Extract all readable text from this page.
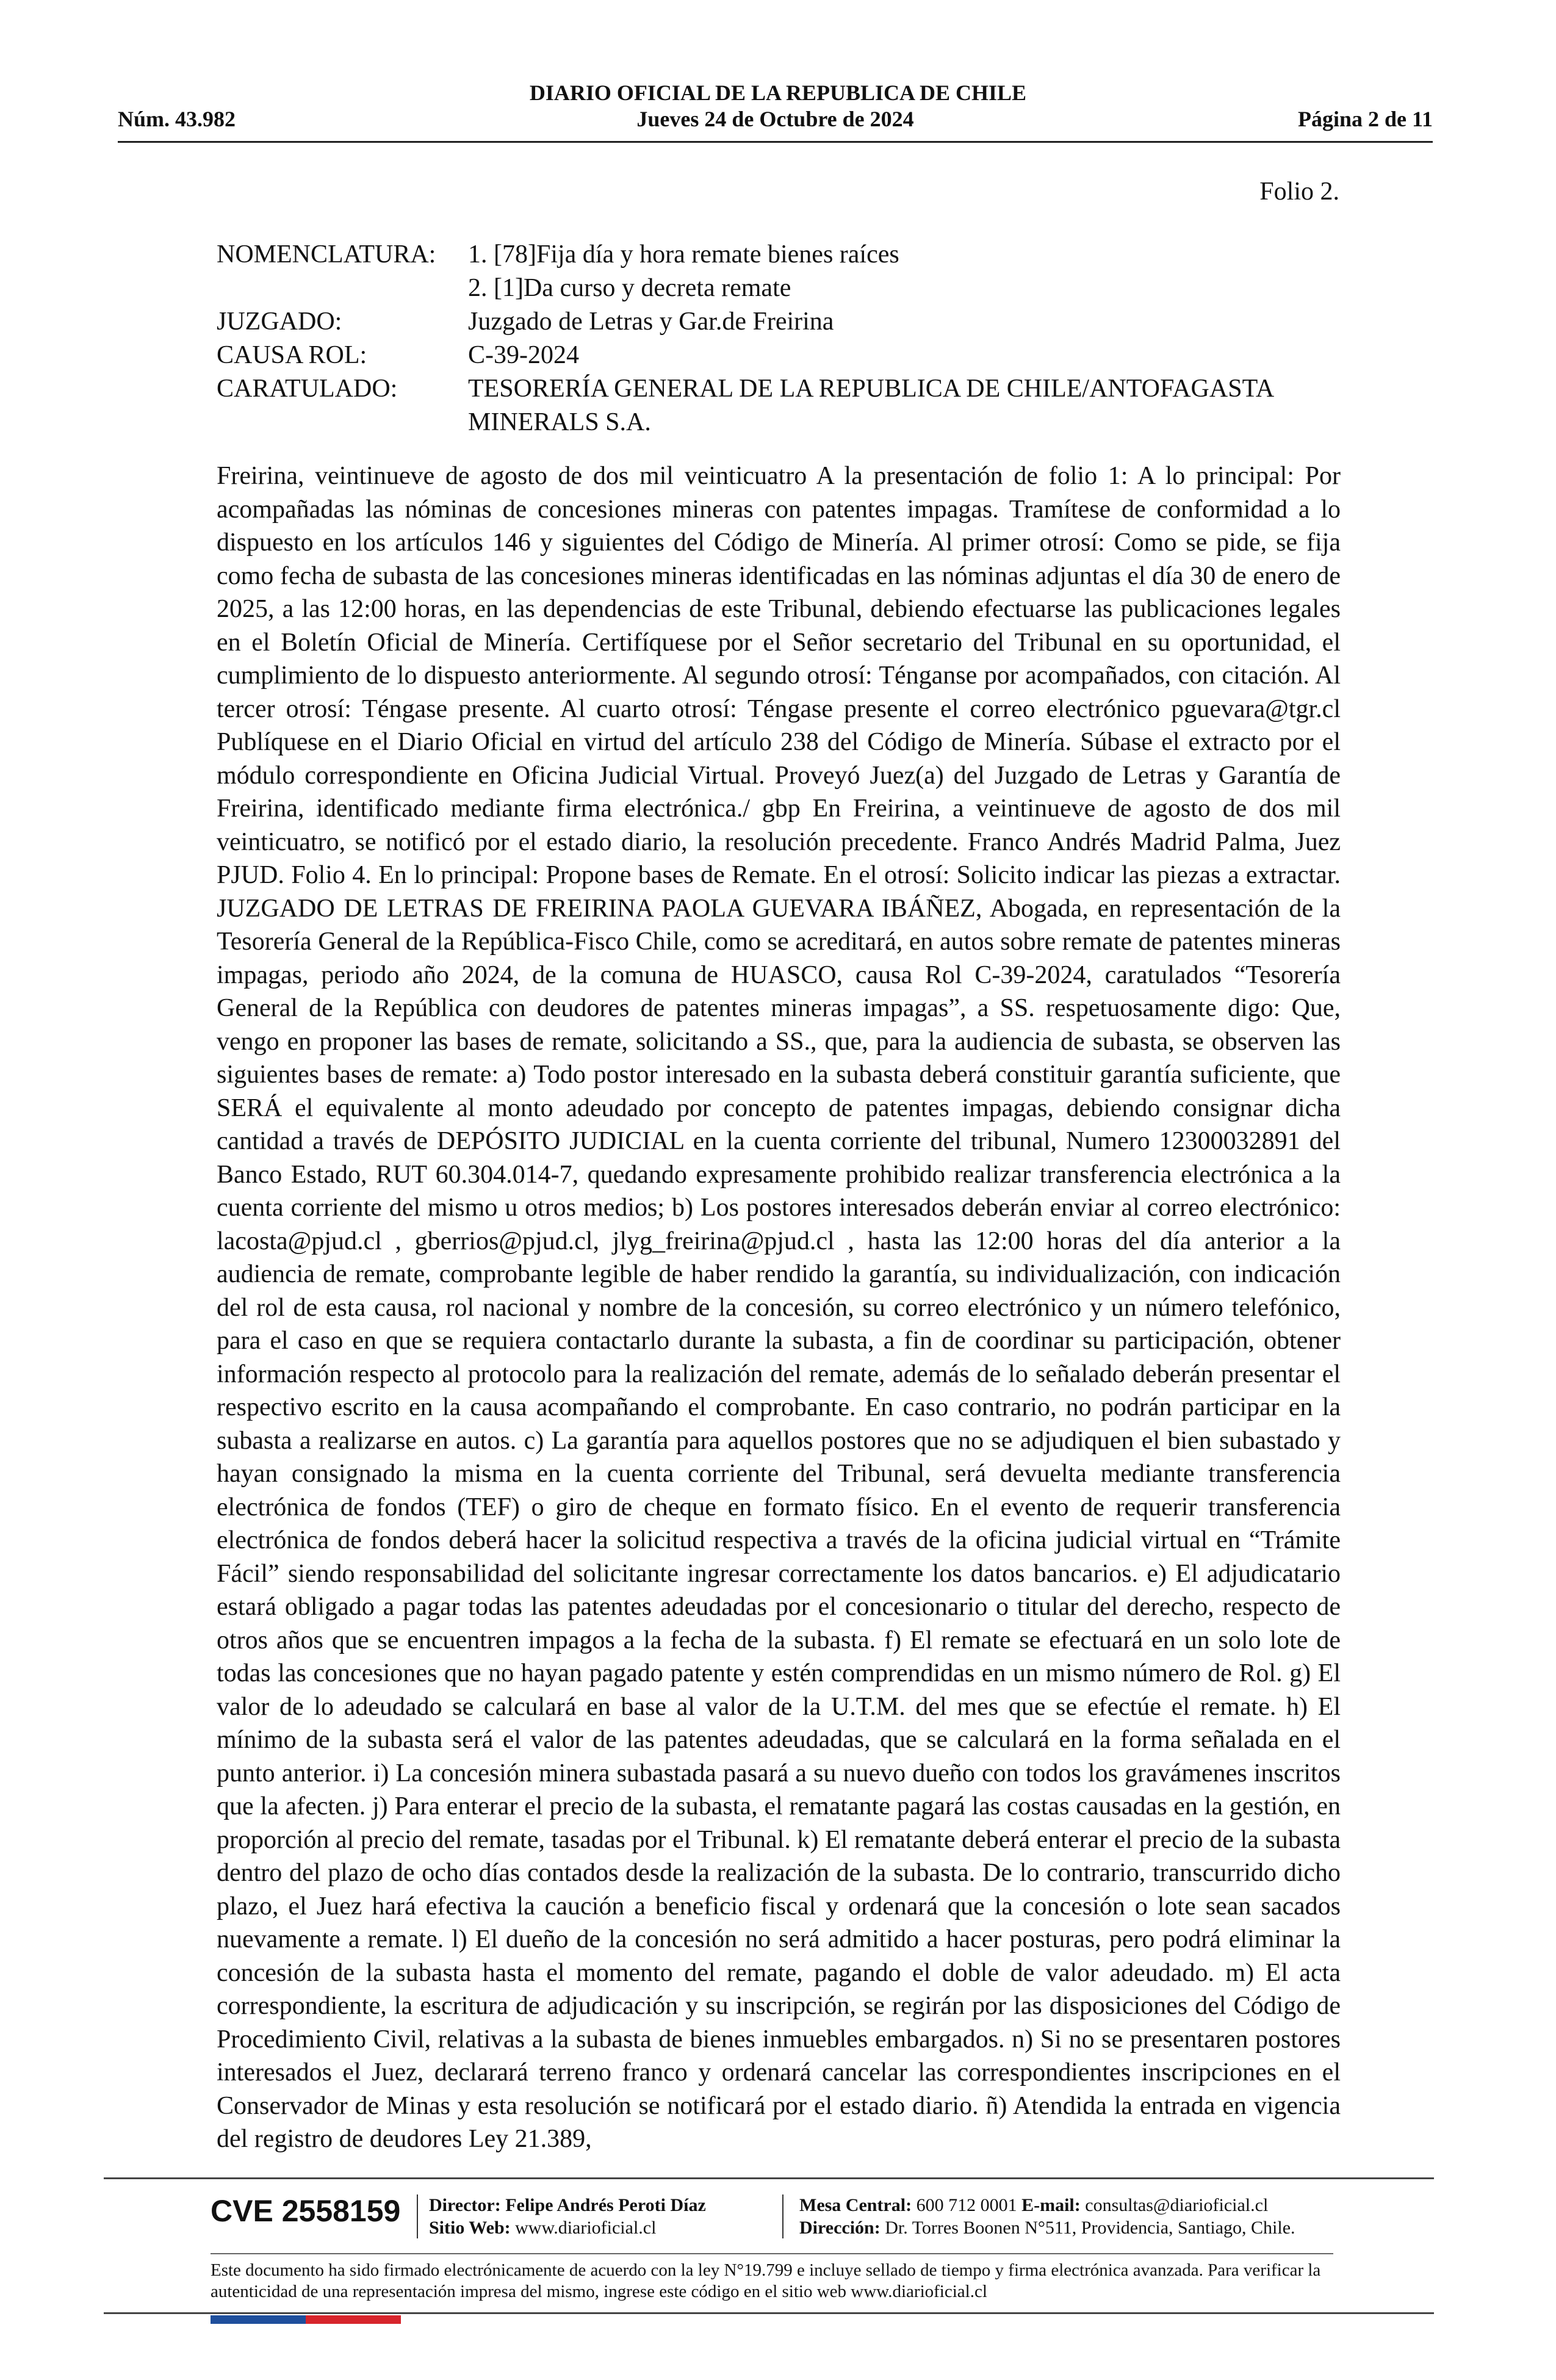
DIARIO OFICIAL DE LA REPUBLICA DE CHILE
Núm. 43.982	Jueves 24 de Octubre de 2024	Página 2 de 11
Folio 2.
NOMENCLATURA:	1. [78]Fija día y hora remate bienes raíces
2. [1]Da curso y decreta remate
JUZGADO:	Juzgado de Letras y Gar.de Freirina
CAUSA ROL:	C-39-2024
CARATULADO:	TESORERÍA GENERAL DE LA REPUBLICA DE CHILE/ANTOFAGASTA MINERALS S.A.

Freirina, veintinueve de agosto de dos mil veinticuatro A la presentación de folio 1: A lo principal: Por acompañadas las nóminas de concesiones mineras con patentes impagas. Tramítese de conformidad a lo dispuesto en los artículos 146 y siguientes del Código de Minería. Al primer otrosí: Como se pide, se fija como fecha de subasta de las concesiones mineras identificadas en las nóminas adjuntas el día 30 de enero de 2025, a las 12:00 horas, en las dependencias de este Tribunal, debiendo efectuarse las publicaciones legales en el Boletín Oficial de Minería. Certifíquese por el Señor secretario del Tribunal en su oportunidad, el cumplimiento de lo dispuesto anteriormente. Al segundo otrosí: Ténganse por acompañados, con citación. Al tercer otrosí: Téngase presente. Al cuarto otrosí: Téngase presente el correo electrónico pguevara@tgr.cl Publíquese en el Diario Oficial en virtud del artículo 238 del Código de Minería. Súbase el extracto por el módulo correspondiente en Oficina Judicial Virtual. Proveyó Juez(a) del Juzgado de Letras y Garantía de Freirina, identificado mediante firma electrónica./ gbp En Freirina, a veintinueve de agosto de dos mil veinticuatro, se notificó por el estado diario, la resolución precedente. Franco Andrés Madrid Palma, Juez PJUD. Folio 4. En lo principal: Propone bases de Remate. En el otrosí: Solicito indicar las piezas a extractar. JUZGADO DE LETRAS DE FREIRINA PAOLA GUEVARA IBÁÑEZ, Abogada, en representación de la Tesorería General de la República-Fisco Chile, como se acreditará, en autos sobre remate de patentes mineras impagas, periodo año 2024, de la comuna de HUASCO, causa Rol C-39-2024, caratulados “Tesorería General de la República con deudores de patentes mineras impagas”, a SS. respetuosamente digo: Que, vengo en proponer las bases de remate, solicitando a SS., que, para la audiencia de subasta, se observen las siguientes bases de remate: a) Todo postor interesado en la subasta deberá constituir garantía suficiente, que SERÁ el equivalente al monto adeudado por concepto de patentes impagas, debiendo consignar dicha cantidad a través de DEPÓSITO JUDICIAL en la cuenta corriente del tribunal, Numero 12300032891 del Banco Estado, RUT 60.304.014-7, quedando expresamente prohibido realizar transferencia electrónica a la cuenta corriente del mismo u otros medios; b) Los postores interesados deberán enviar al correo electrónico: lacosta@pjud.cl , gberrios@pjud.cl, jlyg_freirina@pjud.cl , hasta las 12:00 horas del día anterior a la audiencia de remate, comprobante legible de haber rendido la garantía, su individualización, con indicación del rol de esta causa, rol nacional y nombre de la concesión, su correo electrónico y un número telefónico, para el caso en que se requiera contactarlo durante la subasta, a fin de coordinar su participación, obtener información respecto al protocolo para la realización del remate, además de lo señalado deberán presentar el respectivo escrito en la causa acompañando el comprobante. En caso contrario, no podrán participar en la subasta a realizarse en autos. c) La garantía para aquellos postores que no se adjudiquen el bien subastado y hayan consignado la misma en la cuenta corriente del Tribunal, será devuelta mediante transferencia electrónica de fondos (TEF) o giro de cheque en formato físico. En el evento de requerir transferencia electrónica de fondos deberá hacer la solicitud respectiva a través de la oficina judicial virtual en “Trámite Fácil” siendo responsabilidad del solicitante ingresar correctamente los datos bancarios. e) El adjudicatario estará obligado a pagar todas las patentes adeudadas por el concesionario o titular del derecho, respecto de otros años que se encuentren impagos a la fecha de la subasta. f) El remate se efectuará en un solo lote de todas las concesiones que no hayan pagado patente y estén comprendidas en un mismo número de Rol. g) El valor de lo adeudado se calculará en base al valor de la U.T.M. del mes que se efectúe el remate. h) El mínimo de la subasta será el valor de las patentes adeudadas, que se calculará en la forma señalada en el punto anterior. i) La concesión minera subastada pasará a su nuevo dueño con todos los gravámenes inscritos que la afecten. j) Para enterar el precio de la subasta, el rematante pagará las costas causadas en la gestión, en proporción al precio del remate, tasadas por el Tribunal. k) El rematante deberá enterar el precio de la subasta dentro del plazo de ocho días contados desde la realización de la subasta. De lo contrario, transcurrido dicho plazo, el Juez hará efectiva la caución a beneficio fiscal y ordenará que la concesión o lote sean sacados nuevamente a remate. l) El dueño de la concesión no será admitido a hacer posturas, pero podrá eliminar la concesión de la subasta hasta el momento del remate, pagando el doble de valor adeudado. m) El acta correspondiente, la escritura de adjudicación y su inscripción, se regirán por las disposiciones del Código de Procedimiento Civil, relativas a la subasta de bienes inmuebles embargados. n) Si no se presentaren postores interesados el Juez, declarará terreno franco y ordenará cancelar las correspondientes inscripciones en el Conservador de Minas y esta resolución se notificará por el estado diario. ñ) Atendida la entrada en vigencia del registro de deudores Ley 21.389,

CVE 2558159 Director: Felipe Andrés Peroti Díaz
Sitio Web: www.diarioficial.cl
Mesa Central: 600 712 0001 E-mail: consultas@diarioficial.cl
Dirección: Dr. Torres Boonen N°511, Providencia, Santiago, Chile.
Este documento ha sido firmado electrónicamente de acuerdo con la ley N°19.799 e incluye sellado de tiempo y firma electrónica avanzada. Para verificar la autenticidad de una representación impresa del mismo, ingrese este código en el sitio web www.diarioficial.cl
